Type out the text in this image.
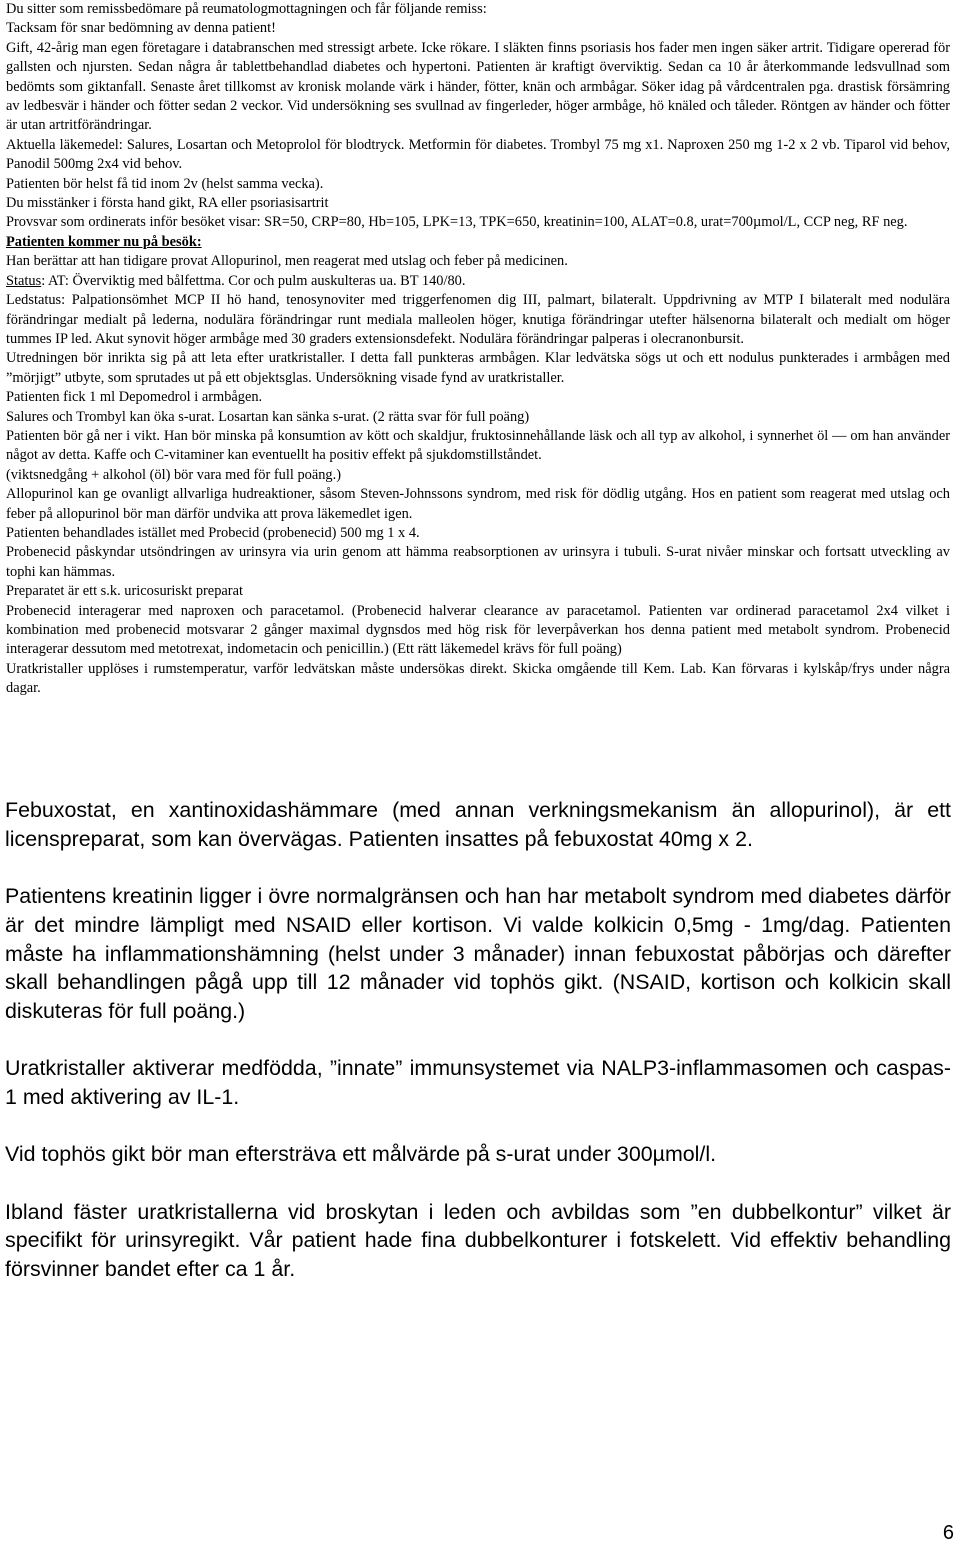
Du sitter som remissbedömare på reumatologmottagningen och får följande remiss:

Tacksam för snar bedömning av denna patient!

Gift, 42-årig man egen företagare i databranschen med stressigt arbete. Icke rökare. I släkten finns psoriasis hos fader men ingen säker artrit. Tidigare opererad för gallsten och njursten. Sedan några år tablettbehandlad diabetes och hypertoni. Patienten är kraftigt överviktig. Sedan ca 10 år återkommande ledsvullnad som bedömts som giktanfall. Senaste året tillkomst av kronisk molande värk i händer, fötter, knän och armbågar. Söker idag på vårdcentralen pga. drastisk försämring av ledbesvär i händer och fötter sedan 2 veckor. Vid undersökning ses svullnad av fingerleder, höger armbåge, hö knäled och tåleder. Röntgen av händer och fötter är utan artritförändringar.

Aktuella läkemedel: Salures, Losartan och Metoprolol för blodtryck. Metformin för diabetes. Trombyl 75 mg x1. Naproxen 250 mg 1-2 x 2 vb. Tiparol vid behov, Panodil 500mg 2x4 vid behov.

Patienten bör helst få tid inom 2v (helst samma vecka).

Du misstänker i första hand gikt, RA eller psoriasisartrit

Provsvar som ordinerats inför besöket visar: SR=50, CRP=80, Hb=105, LPK=13, TPK=650, kreatinin=100, ALAT=0.8, urat=700µmol/L, CCP neg, RF neg.

Patienten kommer nu på besök:

Han berättar att han tidigare provat Allopurinol, men reagerat med utslag och feber på medicinen.

Status: AT: Överviktig med bålfettma. Cor och pulm auskulteras ua. BT 140/80.

Ledstatus: Palpationsömhet MCP II hö hand, tenosynoviter med triggerfenomen dig III, palmart, bilateralt. Uppdrivning av MTP I bilateralt med nodulära förändringar medialt på lederna, nodulära förändringar runt mediala malleolen höger, knutiga förändringar utefter hälsenorna bilateralt och medialt om höger tummes IP led. Akut synovit höger armbåge med 30 graders extensionsdefekt. Nodulära förändringar palperas i olecranonbursit.

Utredningen bör inrikta sig på att leta efter uratkristaller. I detta fall punkteras armbågen. Klar ledvätska sögs ut och ett nodulus punkterades i armbågen med ”mörjigt” utbyte, som sprutades ut på ett objektsglas. Undersökning visade fynd av uratkristaller.

Patienten fick 1 ml Depomedrol i armbågen.

Salures och Trombyl kan öka s-urat. Losartan kan sänka s-urat. (2 rätta svar för full poäng)

Patienten bör gå ner i vikt. Han bör minska på konsumtion av kött och skaldjur, fruktosinnehållande läsk och all typ av alkohol, i synnerhet öl — om han använder något av detta. Kaffe och C-vitaminer kan eventuellt ha positiv effekt på sjukdomstillståndet.

(viktsnedgång + alkohol (öl) bör vara med för full poäng.)

Allopurinol kan ge ovanligt allvarliga hudreaktioner, såsom Steven-Johnssons syndrom, med risk för dödlig utgång. Hos en patient som reagerat med utslag och feber på allopurinol bör man därför undvika att prova läkemedlet igen.

Patienten behandlades istället med Probecid (probenecid) 500 mg 1 x 4.

Probenecid påskyndar utsöndringen av urinsyra via urin genom att hämma reabsorptionen av urinsyra i tubuli. S-urat nivåer minskar och fortsatt utveckling av tophi kan hämmas.

Preparatet är ett s.k. uricosuriskt preparat

Probenecid interagerar med naproxen och paracetamol. (Probenecid halverar clearance av paracetamol. Patienten var ordinerad paracetamol 2x4 vilket i kombination med probenecid motsvarar 2 gånger maximal dygnsdos med hög risk för leverpåverkan hos denna patient med metabolt syndrom. Probenecid interagerar dessutom med metotrexat, indometacin och penicillin.) (Ett rätt läkemedel krävs för full poäng)

Uratkristaller upplöses i rumstemperatur, varför ledvätskan måste undersökas direkt. Skicka omgående till Kem. Lab. Kan förvaras i kylskåp/frys under några dagar.

Febuxostat, en xantinoxidashämmare (med annan verkningsmekanism än allopurinol), är ett licenspreparat, som kan övervägas. Patienten insattes på febuxostat 40mg x 2.

Patientens kreatinin ligger i övre normalgränsen och han har metabolt syndrom med diabetes därför är det mindre lämpligt med NSAID eller kortison. Vi valde kolkicin 0,5mg - 1mg/dag. Patienten måste ha inflammationshämning (helst under 3 månader) innan febuxostat påbörjas och därefter skall behandlingen pågå upp till 12 månader vid tophös gikt. (NSAID, kortison och kolkicin skall diskuteras för full poäng.)

Uratkristaller aktiverar medfödda, ”innate” immunsystemet via NALP3-inflammasomen och caspas-1 med aktivering av IL-1.

Vid tophös gikt bör man eftersträva ett målvärde på s-urat under 300µmol/l.

Ibland fäster uratkristallerna vid broskytan i leden och avbildas som ”en dubbelkontur” vilket är specifikt för urinsyregikt. Vår patient hade fina dubbelkonturer i fotskelett. Vid effektiv behandling försvinner bandet efter ca 1 år.

6
